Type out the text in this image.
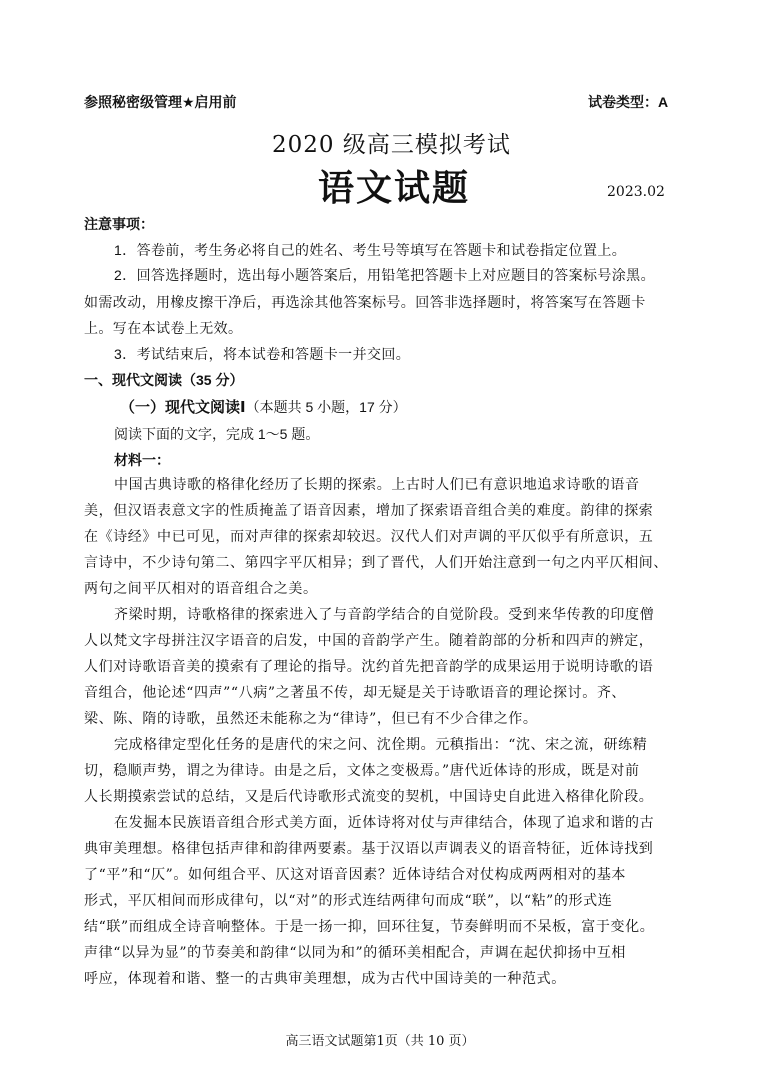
参照秘密级管理★启用前	试卷类型：A
2020 级高三模拟考试
语文试题	2023.02
注意事项：
1．答卷前，考生务必将自己的姓名、考生号等填写在答题卡和试卷指定位置上。
2．回答选择题时，选出每小题答案后，用铅笔把答题卡上对应题目的答案标号涂黑。
如需改动，用橡皮擦干净后，再选涂其他答案标号。回答非选择题时，将答案写在答题卡
上。写在本试卷上无效。
3．考试结束后，将本试卷和答题卡一并交回。
一、现代文阅读（35 分）
（一）现代文阅读Ⅰ（本题共 5 小题，17 分）
阅读下面的文字，完成 1～5 题。
材料一：
中国古典诗歌的格律化经历了长期的探索。上古时人们已有意识地追求诗歌的语音
美，但汉语表意文字的性质掩盖了语音因素，增加了探索语音组合美的难度。韵律的探索
在《诗经》中已可见，而对声律的探索却较迟。汉代人们对声调的平仄似乎有所意识，五
言诗中，不少诗句第二、第四字平仄相异；到了晋代，人们开始注意到一句之内平仄相间、
两句之间平仄相对的语音组合之美。
齐梁时期，诗歌格律的探索进入了与音韵学结合的自觉阶段。受到来华传教的印度僧
人以梵文字母拼注汉字语音的启发，中国的音韵学产生。随着韵部的分析和四声的辨定，
人们对诗歌语音美的摸索有了理论的指导。沈约首先把音韵学的成果运用于说明诗歌的语
音组合，他论述“四声”“八病”之著虽不传，却无疑是关于诗歌语音的理论探讨。齐、
梁、陈、隋的诗歌，虽然还未能称之为“律诗”，但已有不少合律之作。
完成格律定型化任务的是唐代的宋之问、沈佺期。元稹指出：“沈、宋之流，研练精
切，稳顺声势，谓之为律诗。由是之后，文体之变极焉。”唐代近体诗的形成，既是对前
人长期摸索尝试的总结，又是后代诗歌形式流变的契机，中国诗史自此进入格律化阶段。
在发掘本民族语音组合形式美方面，近体诗将对仗与声律结合，体现了追求和谐的古
典审美理想。格律包括声律和韵律两要素。基于汉语以声调表义的语音特征，近体诗找到
了“平”和“仄”。如何组合平、仄这对语音因素？近体诗结合对仗构成两两相对的基本
形式，平仄相间而形成律句，以“对”的形式连结两律句而成“联”，以“粘”的形式连
结“联”而组成全诗音响整体。于是一扬一抑，回环往复，节奏鲜明而不呆板，富于变化。
声律“以异为显”的节奏美和韵律“以同为和”的循环美相配合，声调在起伏抑扬中互相
呼应，体现着和谐、整一的古典审美理想，成为古代中国诗美的一种范式。
高三语文试题第1页（共 10 页）
